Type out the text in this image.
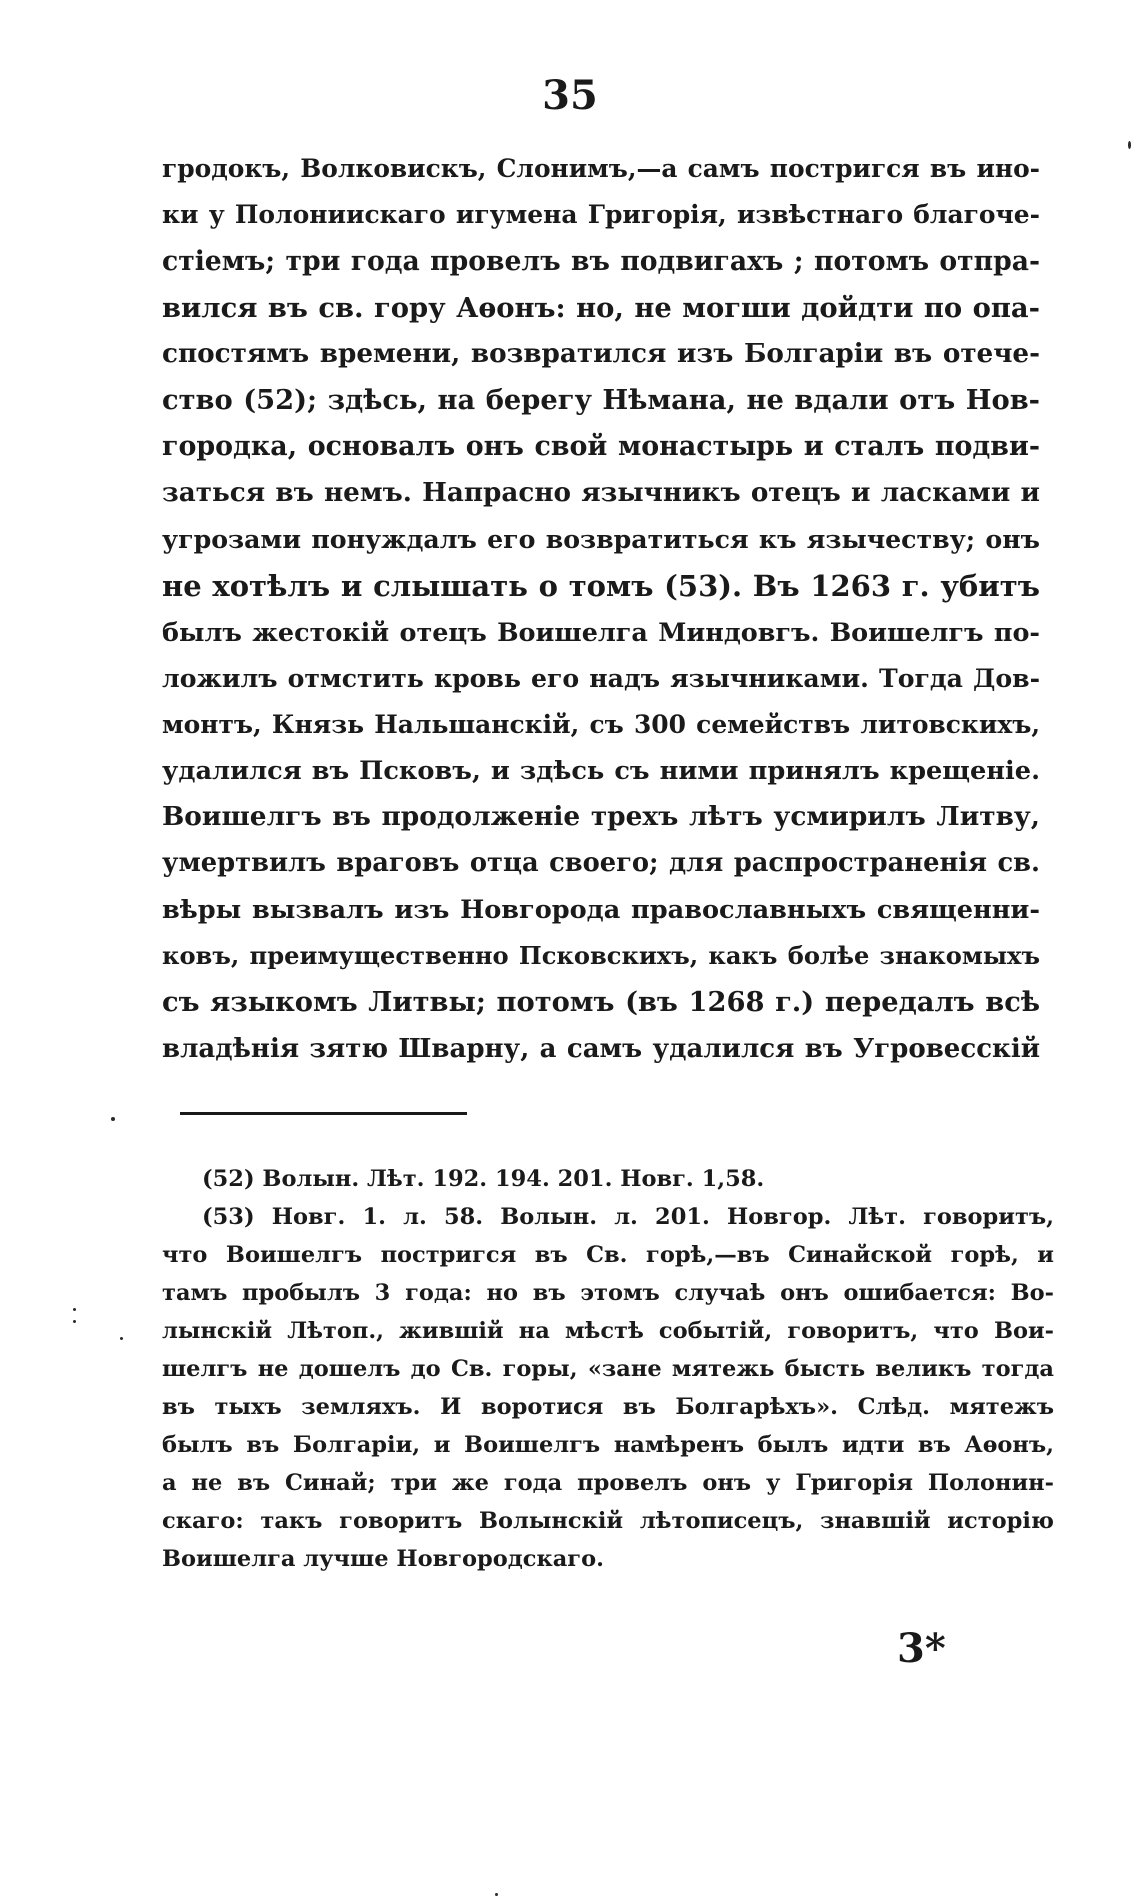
35
гродокъ, Волковискъ, Слонимъ,—а самъ постригся въ ино-
ки у Полониискаго игумена Григорія, извѣстнаго благоче-
стіемъ; три года провелъ въ подвигахъ ; потомъ отпра-
вился въ св. гору Аѳонъ: но, не могши дойдти по опа-
спостямъ времени, возвратился изъ Болгаріи въ отече-
ство (52); здѣсь, на берегу Нѣмана, не вдали отъ Нов-
городка, основалъ онъ свой монастырь и сталъ подви-
заться въ немъ. Напрасно язычникъ отецъ и ласками и
угрозами понуждалъ его возвратиться къ язычеству; онъ
не хотѣлъ и слышать о томъ (53). Въ 1263 г. убитъ
былъ жестокій отецъ Воишелга Миндовгъ. Воишелгъ по-
ложилъ отмстить кровь его надъ язычниками. Тогда Дов-
монтъ, Князь Нальшанскій, съ 300 семействъ литовскихъ,
удалился въ Псковъ, и здѣсь съ ними принялъ крещеніе.
Воишелгъ въ продолженіе трехъ лѣтъ усмирилъ Литву,
умертвилъ враговъ отца своего; для распространенія св.
вѣры вызвалъ изъ Новгорода православныхъ священни-
ковъ, преимущественно Псковскихъ, какъ болѣе знакомыхъ
съ языкомъ Литвы; потомъ (въ 1268 г.) передалъ всѣ
владѣнія зятю Шварну, а самъ удалился въ Угровесскій
(52) Волын. Лѣт. 192. 194. 201. Новг. 1,58.
(53) Новг. 1. л. 58. Волын. л. 201. Новгор. Лѣт. говоритъ,
что Воишелгъ постригся въ Св. горѣ,—въ Синайской горѣ, и
тамъ пробылъ 3 года: но въ этомъ случаѣ онъ ошибается: Во-
лынскій Лѣтоп., жившій на мѣстѣ событій, говоритъ, что Вои-
шелгъ не дошелъ до Св. горы, «зане мятежь бысть великъ тогда
въ тыхъ земляхъ. И воротися въ Болгарѣхъ». Слѣд. мятежъ
былъ въ Болгаріи, и Воишелгъ намѣренъ былъ идти въ Аѳонъ,
а не въ Синай; три же года провелъ онъ у Григорія Полонин-
скаго: такъ говоритъ Волынскій лѣтописецъ, знавшій исторію
Воишелга лучше Новгородскаго.
3*
